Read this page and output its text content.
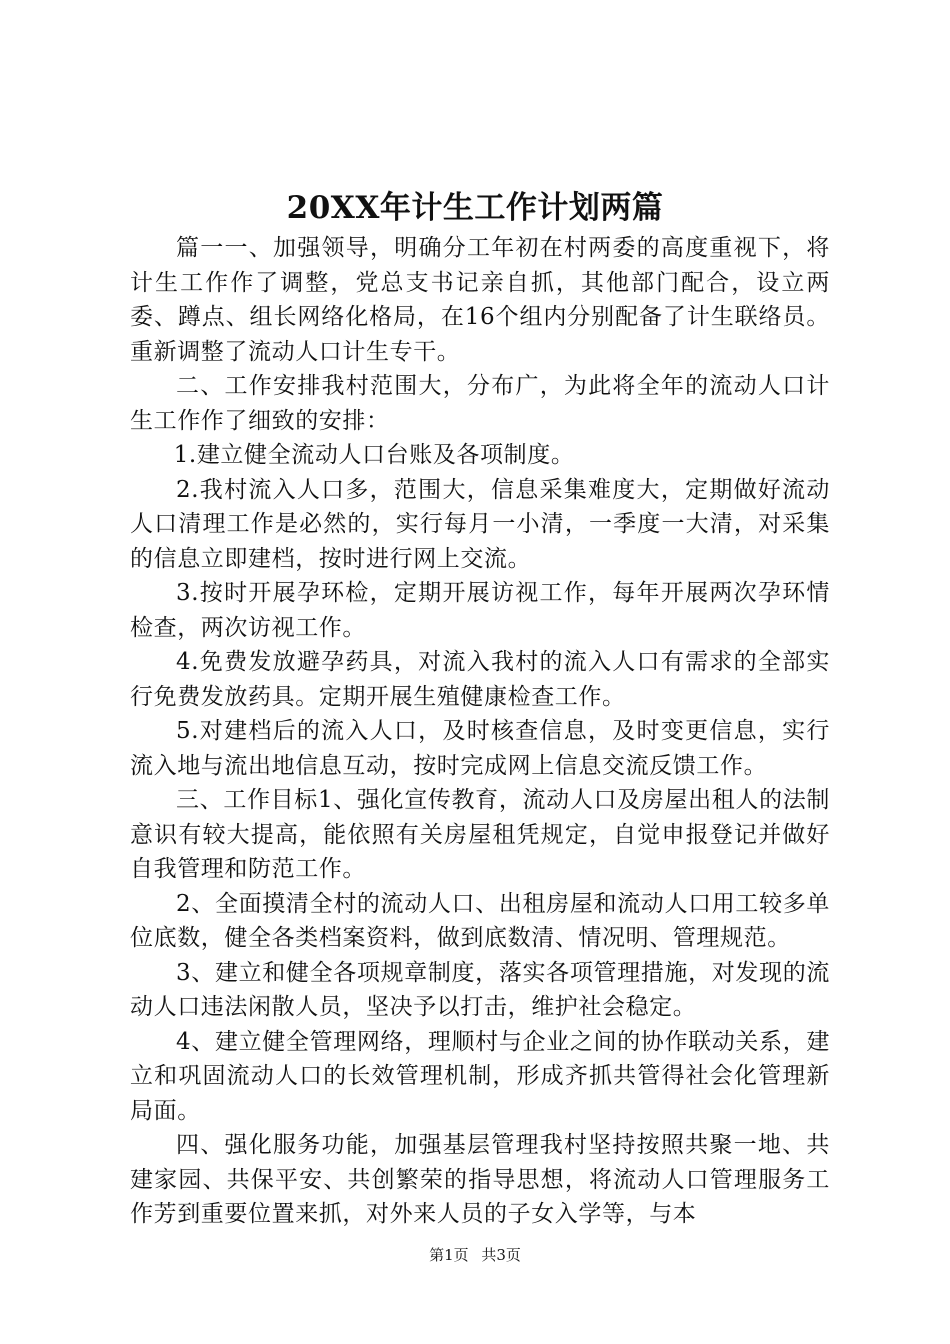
20XX年计生工作计划两篇

篇一一、加强领导，明确分工年初在村两委的高度重视下，将计生工作作了调整，党总支书记亲自抓，其他部门配合，设立两委、蹲点、组长网络化格局，在16个组内分别配备了计生联络员。重新调整了流动人口计生专干。

二、工作安排我村范围大，分布广，为此将全年的流动人口计生工作作了细致的安排：

1.建立健全流动人口台账及各项制度。

2.我村流入人口多，范围大，信息采集难度大，定期做好流动人口清理工作是必然的，实行每月一小清，一季度一大清，对采集的信息立即建档，按时进行网上交流。

3.按时开展孕环检，定期开展访视工作，每年开展两次孕环情检查，两次访视工作。

4.免费发放避孕药具，对流入我村的流入人口有需求的全部实行免费发放药具。定期开展生殖健康检查工作。

5.对建档后的流入人口，及时核查信息，及时变更信息，实行流入地与流出地信息互动，按时完成网上信息交流反馈工作。

三、工作目标1、强化宣传教育，流动人口及房屋出租人的法制意识有较大提高，能依照有关房屋租凭规定，自觉申报登记并做好自我管理和防范工作。

2、全面摸清全村的流动人口、出租房屋和流动人口用工较多单位底数，健全各类档案资料，做到底数清、情况明、管理规范。

3、建立和健全各项规章制度，落实各项管理措施，对发现的流动人口违法闲散人员，坚决予以打击，维护社会稳定。

4、建立健全管理网络，理顺村与企业之间的协作联动关系，建立和巩固流动人口的长效管理机制，形成齐抓共管得社会化管理新局面。

四、强化服务功能，加强基层管理我村坚持按照共聚一地、共建家园、共保平安、共创繁荣的指导思想，将流动人口管理服务工作芳到重要位置来抓，对外来人员的子女入学等，与本

第1页 共3页
